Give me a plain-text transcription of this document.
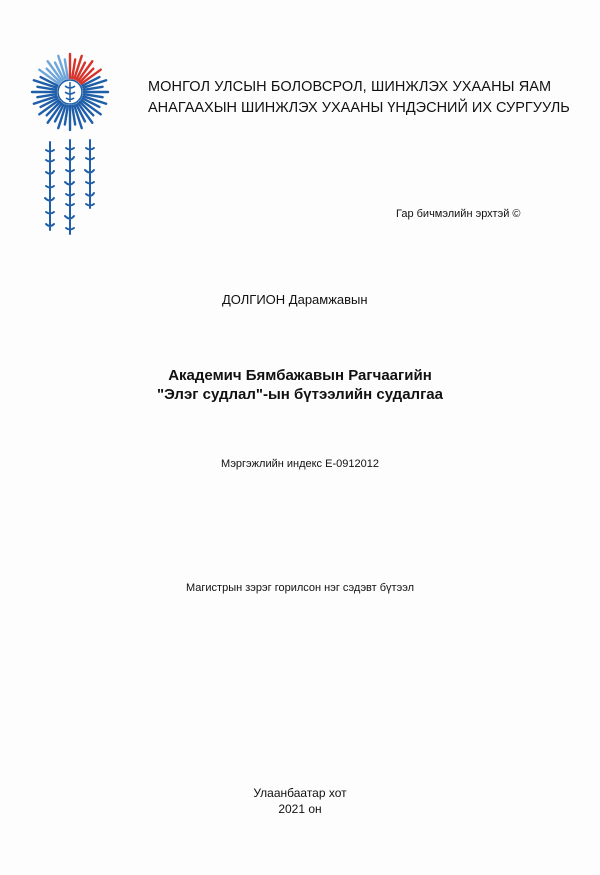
МОНГОЛ УЛСЫН БОЛОВСРОЛ, ШИНЖЛЭХ УХААНЫ ЯАМ
АНАГААХЫН ШИНЖЛЭХ УХААНЫ ҮНДЭСНИЙ ИХ СУРГУУЛЬ
Гар бичмэлийн эрхтэй ©
ДОЛГИОН Дарамжавын
Академич Бямбажавын Рагчаагийн
"Элэг судлал"-ын бүтээлийн судалгаа
Мэргэжлийн индекс Е-0912012
Магистрын зэрэг горилсон нэг сэдэвт бүтээл
Улаанбаатар хот
2021 он
